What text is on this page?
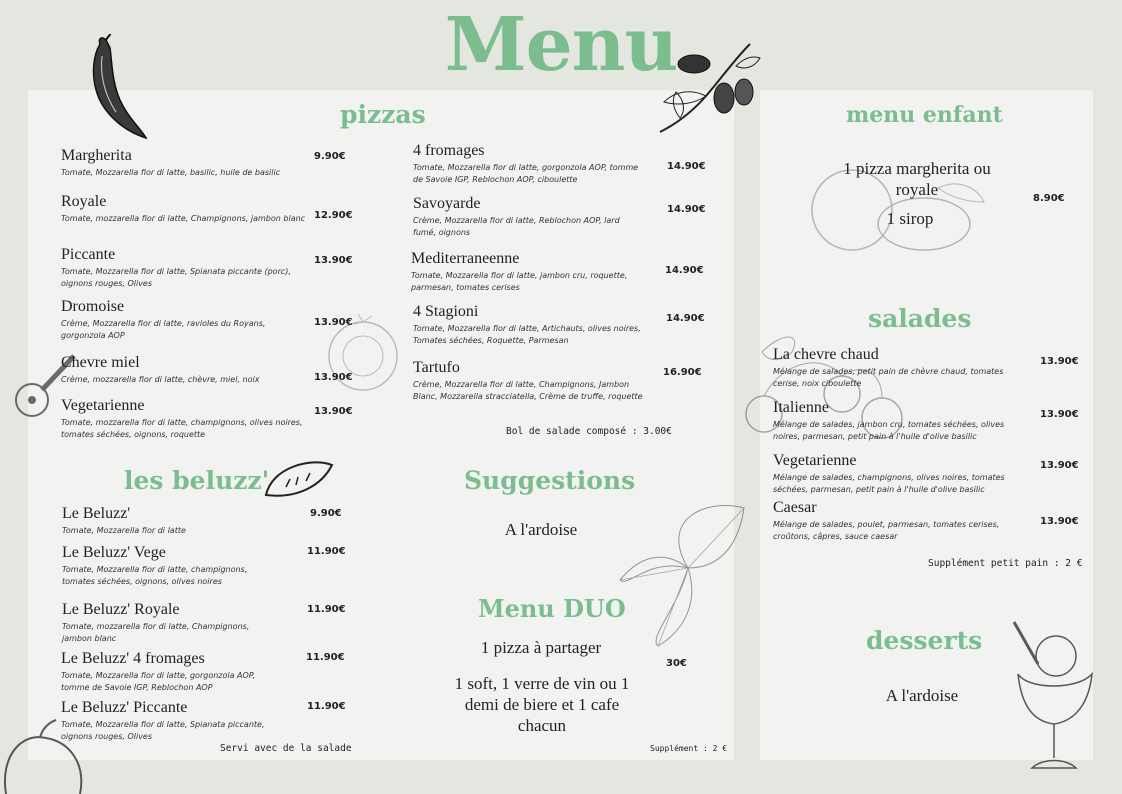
Menu
pizzas
les beluzz'	Suggestions
Menu DUO
menu enfant
salades
desserts
Margherita
Tomate, Mozzarella fior di latte, basilic, huile de basilic
9.90€
Royale
Tomate, mozzarella fior di latte, Champignons, jambon blanc 12.90€
Piccante
Tomate, Mozzarella fior di latte, Spianata piccante (porc), oignons rouges, Olives
13.90€
Dromoise
Crème, Mozzarella fior di latte, ravioles du Royans, gorgonzola AOP
13.90€
Chevre miel
Crème, mozzarella fior di latte, chèvre, miel, noix	13.90€
Vegetarienne
Tomate, mozzarella fior di latte, champignons, olives noires, tomates séchées, oignons, roquette
13.90€
4 fromages
Tomate, Mozzarella fior di latte, gorgonzola AOP, tomme de Savoie IGP, Reblochon AOP, ciboulette
14.90€
Savoyarde
Crème, Mozzarella fior di latte, Reblochon AOP, lard fumé, oignons
14.90€
Mediterraneenne
Tomate, Mozzarella fior di latte, jambon cru, roquette, parmesan, tomates cerises
14.90€
4 Stagioni
Tomate, Mozzarella fior di latte, Artichauts, olives noires, Tomates séchées, Roquette, Parmesan
14.90€
Tartufo
Crème, Mozzarella fior di latte, Champignons, Jambon Blanc, Mozzarella stracciatella, Crème de truffe, roquette
16.90€
Bol de salade composé : 3.00€
Le Beluzz'
Tomate, Mozzarella fior di latte
9.90€
Le Beluzz' Vege
Tomate, Mozzarella fior di latte, champignons, tomates séchées, oignons, olives noires
11.90€
Le Beluzz' Royale
Tomate, mozzarella fior di latte, Champignons, jambon blanc
11.90€
Le Beluzz' 4 fromages
Tomate, Mozzarella fior di latte, gorgonzola AOP, tomme de Savoie IGP, Reblochon AOP
11.90€
Le Beluzz' Piccante
Tomate, Mozzarella fior di latte, Spianata piccante, oignons rouges, Olives
11.90€
Servi avec de la salade
A l'ardoise
1 pizza à partager
1 soft, 1 verre de vin ou 1 demi de biere et 1 cafe chacun
30€
Supplément : 2 €
1 pizza margherita ou royale
1 sirop
8.90€
La chevre chaud
Mélange de salades, petit pain de chèvre chaud, tomates cerise, noix ciboulette
13.90€
Italienne
Mélange de salades, jambon cru, tomates séchées, olives noires, parmesan, petit pain à l'huile d'olive basilic
13.90€
Vegetarienne
Mélange de salades, champignons, olives noires, tomates séchées, parmesan, petit pain à l'huile d'olive basilic
13.90€
Caesar
Mélange de salades, poulet, parmesan, tomates cerises, croûtons, câpres, sauce caesar
13.90€
Supplément petit pain : 2 €
A l'ardoise
